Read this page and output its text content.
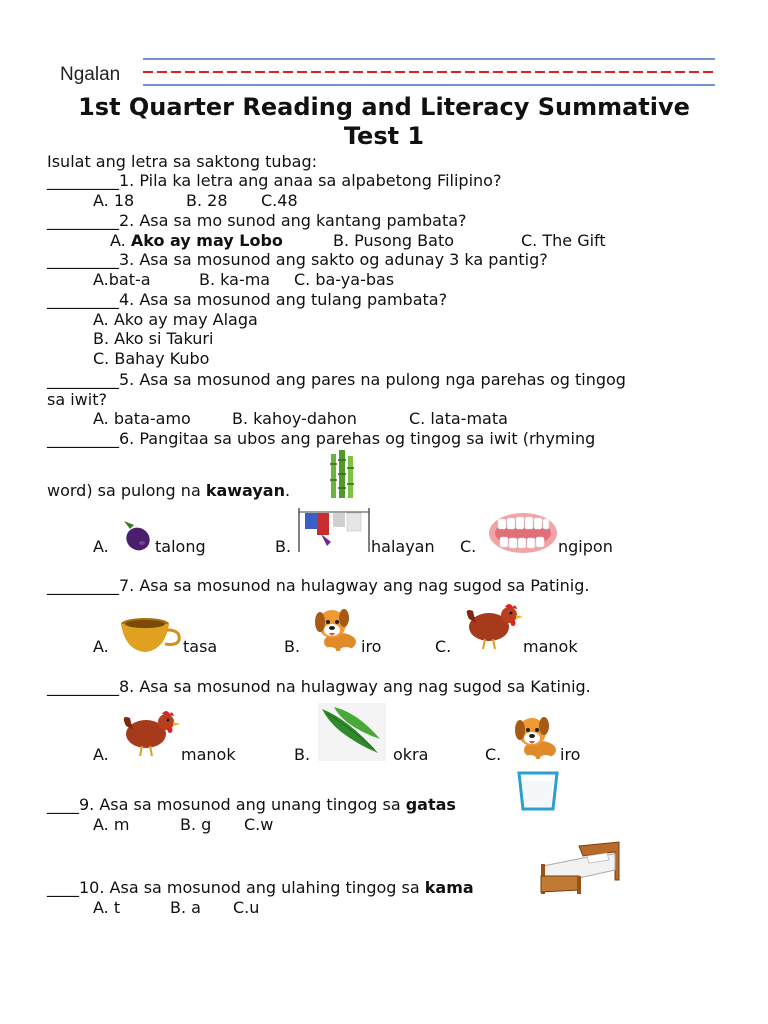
Ngalan
1st Quarter Reading and Literacy Summative
Test 1
Isulat ang letra sa saktong tubag:
_________1. Pila ka letra ang anaa sa alpabetong Filipino?
A. 18	B. 28 C.48
_________2. Asa sa mo sunod ang kantang pambata?
A. Ako ay may Lobo	B. Pusong Bato	C. The Gift
_________3. Asa sa mosunod ang sakto og adunay 3 ka pantig?
A.bat-a	B. ka-ma C. ba-ya-bas
_________4. Asa sa mosunod ang tulang pambata?
A. Ako ay may Alaga
B. Ako si Takuri
C. Bahay Kubo
_________5. Asa sa mosunod ang pares na pulong nga parehas og tingog
sa iwit?
A. bata-amo	B. kahoy-dahon	C. lata-mata
_________6. Pangitaa sa ubos ang parehas og tingog sa iwit (rhyming
word) sa pulong na kawayan.
A.	talong	B.	halayan C.	ngipon
_________7. Asa sa mosunod na hulagway ang nag sugod sa Patinig.
A.	tasa	B.	iro	C.	manok
_________8. Asa sa mosunod na hulagway ang nag sugod sa Katinig.
A.	manok	B.	okra	C.	iro
____9. Asa sa mosunod ang unang tingog sa gatas
A. m	B. g C.w
____10. Asa sa mosunod ang ulahing tingog sa kama
A. t	B. a C.u
